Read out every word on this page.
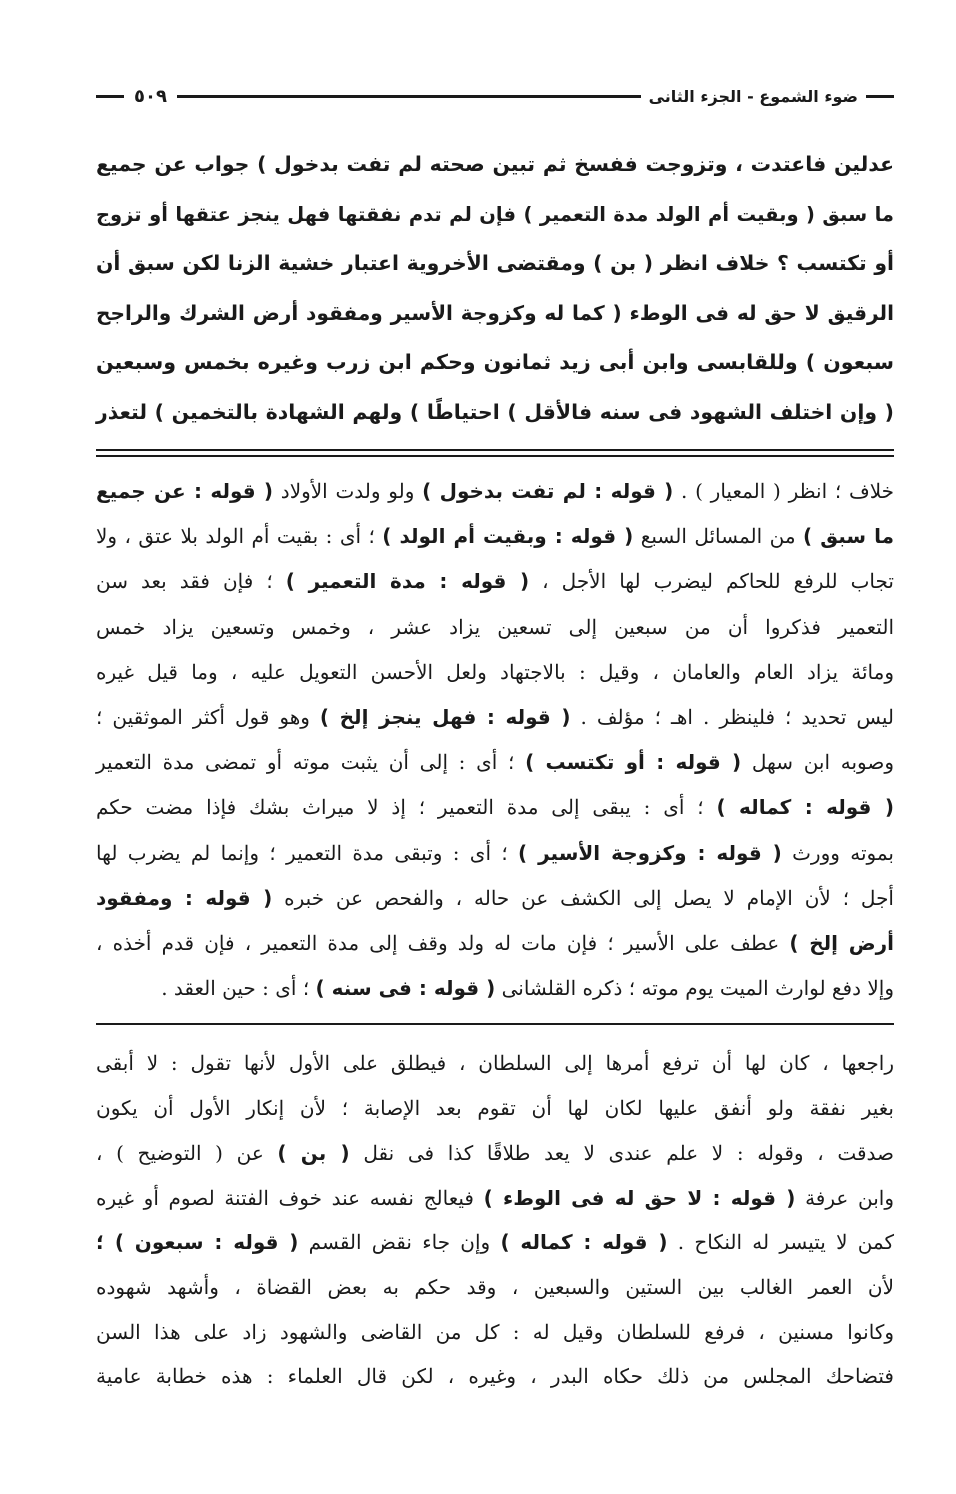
ضوء الشموع - الجزء الثانى
٥٠٩

عدلين فاعتدت ، وتزوجت ففسخ ثم تبين صحته لم تفت بدخول ) جواب عن جميع

ما سبق ( وبقيت أم الولد مدة التعمير ) فإن لم تدم نفقتها فهل ينجز عتقها أو تزوج

أو تكتسب ؟ خلاف انظر ( بن ) ومقتضى الأخروية اعتبار خشية الزنا لكن سبق أن

الرقيق لا حق له فى الوطء ( كما له وكزوجة الأسير ومفقود أرض الشرك والراجح

سبعون ) وللقابسى وابن أبى زيد ثمانون وحكم ابن زرب وغيره بخمس وسبعين

( وإن اختلف الشهود فى سنه فالأقل ) احتياطًا ) ولهم الشهادة بالتخمين ) لتعذر

خلاف ؛ انظر ( المعيار ) . ( قوله : لم تفت بدخول ) ولو ولدت الأولاد ( قوله : عن جميع

ما سبق ) من المسائل السبع ( قوله : وبقيت أم الولد ) ؛ أى : بقيت أم الولد بلا عتق ، ولا

تجاب للرفع للحاكم ليضرب لها الأجل ، ( قوله : مدة التعمير ) ؛ فإن فقد بعد سن

التعمير فذكروا أن من سبعين إلى تسعين يزاد عشر ، وخمس وتسعين يزاد خمس

ومائة يزاد العام والعامان ، وقيل : بالاجتهاد ولعل الأحسن التعويل عليه ، وما قيل غيره

ليس تحديد ؛ فلينظر . اهـ ؛ مؤلف . ( قوله : فهل ينجز إلخ ) وهو قول أكثر الموثقين ؛

وصوبه ابن سهل ( قوله : أو تكتسب ) ؛ أى : إلى أن يثبت موته أو تمضى مدة التعمير

( قوله : كماله ) ؛ أى : يبقى إلى مدة التعمير ؛ إذ لا ميراث بشك فإذا مضت حكم

بموته وورث ( قوله : وكزوجة الأسير ) ؛ أى : وتبقى مدة التعمير ؛ وإنما لم يضرب لها

أجل ؛ لأن الإمام لا يصل إلى الكشف عن حاله ، والفحص عن خبره ( قوله : ومفقود

أرض إلخ ) عطف على الأسير ؛ فإن مات له ولد وقف إلى مدة التعمير ، فإن قدم أخذه ،

وإلا دفع لوارث الميت يوم موته ؛ ذكره القلشانى ( قوله : فى سنه ) ؛ أى : حين العقد .

راجعها ، كان لها أن ترفع أمرها إلى السلطان ، فيطلق على الأول لأنها تقول : لا أبقى

بغير نفقة ولو أنفق عليها لكان لها أن تقوم بعد الإصابة ؛ لأن إنكار الأول أن يكون

صدقت ، وقوله : لا علم عندى لا يعد طلاقًا كذا فى نقل ( بن ) عن ( التوضيح ) ،

وابن عرفة ( قوله : لا حق له فى الوطء ) فيعالج نفسه عند خوف الفتنة لصوم أو غيره

كمن لا يتيسر له النكاح . ( قوله : كماله ) وإن جاء نقض القسم ( قوله : سبعون ) ؛

لأن العمر الغالب بين الستين والسبعين ، وقد حكم به بعض القضاة ، وأشهد شهوده

وكانوا مسنين ، فرفع للسلطان وقيل له : كل من القاضى والشهود زاد على هذا السن

فتضاحك المجلس من ذلك حكاه البدر ، وغيره ، لكن قال العلماء : هذه خطابة عامية
